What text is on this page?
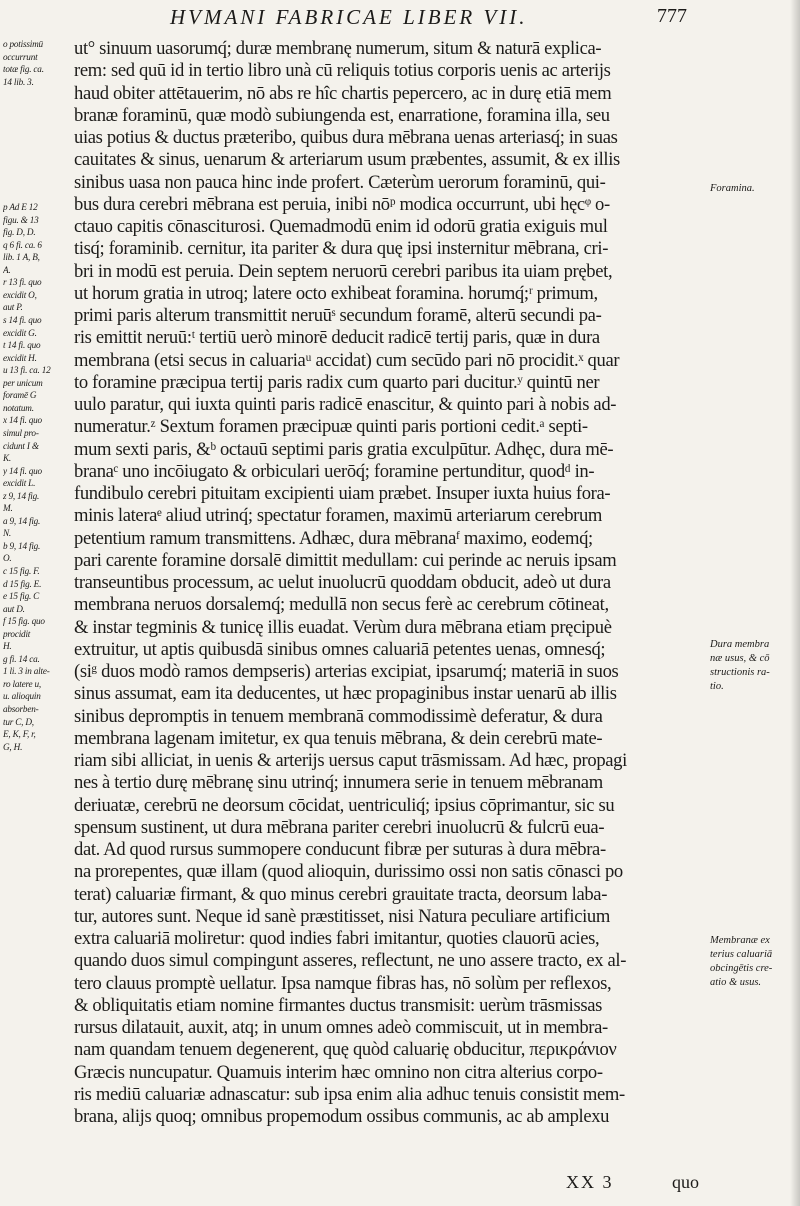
HVMANI FABRICAE LIBER VII.	777
o potissimū
occurrunt
totæ fig. ca.
14 lib. 3.
p Ad E 12
figu. & 13
fig. D, D.
q 6 fi. ca. 6
lib. 1 A, B,
A.
r 13 fi. quo
excidit O,
aut P.
s 14 fi. quo
excidit G.
t 14 fi. quo
excidit H.
u 13 fi. ca. 12
per unicum
foramē G
notatum.
x 14 fi. quo
simul pro-
cidunt I &
K.
y 14 fi. quo
excidit L.
z 9, 14 fig.
M.
a 9, 14 fig.
N.
b 9, 14 fig.
O.
c 15 fig. F.
d 15 fig. E.
e 15 fig. C
aut D.
f 15 fig. quo
procidit
H.
g fi. 14 ca.
1 li. 3 in alte-
ro latere u,
u. alioquin
absorben-
tur C, D,
E, K, F, r,
G, H.
ut° sinuum uasorumq́; duræ membranę numerum, situm & naturā explica-
rem: sed quū id in tertio libro unà cū reliquis totius corporis uenis ac arterijs
haud obiter attētauerim, nō abs re hîc chartis pepercero, ac in durę etiā mem
branæ foraminū, quæ modò subiungenda est, enarratione, foramina illa, seu
uias potius & ductus præteribo, quibus dura mēbrana uenas arteriasq́; in suas
cauitates & sinus, uenarum & arteriarum usum præbentes, assumit, & ex illis
sinibus uasa non pauca hinc inde profert. Cæterùm uerorum foraminū, qui-
bus dura cerebri mēbrana est peruia, inibi nōᵖ modica occurrunt, ubi hęcᵠ o-
ctauo capitis cōnasciturosi. Quemadmodū enim id odorū gratia exiguis mul
tisq́; foraminib. cernitur, ita pariter & dura quę ipsi insternitur mēbrana, cri-
bri in modū est peruia. Dein septem neruorū cerebri paribus ita uiam prębet,
ut horum gratia in utroq; latere octo exhibeat foramina. horumq́;ʳ primum,
primi paris alterum transmittit neruūˢ secundum foramē, alterū secundi pa-
ris emittit neruū:ᵗ tertiū uerò minorē deducit radicē tertij paris, quæ in dura
membrana (etsi secus in caluariaᵘ accidat) cum secūdo pari nō procidit.ˣ quar
to foramine præcipua tertij paris radix cum quarto pari ducitur.ʸ quintū ner
uulo paratur, qui iuxta quinti paris radicē enascitur, & quinto pari à nobis ad-
numeratur.ᶻ Sextum foramen præcipuæ quinti paris portioni cedit.ᵃ septi-
mum sexti paris, &ᵇ octauū septimi paris gratia exculpūtur. Adhęc, dura mē-
branaᶜ uno incōiugato & orbiculari uerōq́; foramine pertunditur, quodᵈ in-
fundibulo cerebri pituitam excipienti uiam præbet. Insuper iuxta huius fora-
minis lateraᵉ aliud utrinq́; spectatur foramen, maximū arteriarum cerebrum
petentium ramum transmittens. Adhæc, dura mēbranaᶠ maximo, eodemq́;
pari carente foramine dorsalē dimittit medullam: cui perinde ac neruis ipsam
transeuntibus processum, ac uelut inuolucrū quoddam obducit, adeò ut dura
membrana neruos dorsalemq́; medullā non secus ferè ac cerebrum cōtineat,
& instar tegminis & tunicę illis euadat. Verùm dura mēbrana etiam pręcipuè
extruitur, ut aptis quibusdā sinibus omnes caluariā petentes uenas, omnesq́;
(siᵍ duos modò ramos dempseris) arterias excipiat, ipsarumq́; materiā in suos
sinus assumat, eam ita deducentes, ut hæc propaginibus instar uenarū ab illis
sinibus depromptis in tenuem membranā commodissimè deferatur, & dura
membrana lagenam imitetur, ex qua tenuis mēbrana, & dein cerebrū mate-
riam sibi alliciat, in uenis & arterijs uersus caput trāsmissam. Ad hæc, propagi
nes à tertio durę mēbranę sinu utrinq́; innumera serie in tenuem mēbranam
deriuatæ, cerebrū ne deorsum cōcidat, uentriculiq́; ipsius cōprimantur, sic su
spensum sustinent, ut dura mēbrana pariter cerebri inuolucrū & fulcrū eua-
dat. Ad quod rursus summopere conducunt fibræ per suturas à dura mēbra-
na prorepentes, quæ illam (quod alioquin, durissimo ossi non satis cōnasci po
terat) caluariæ firmant, & quo minus cerebri grauitate tracta, deorsum laba-
tur, autores sunt. Neque id sanè præstitisset, nisi Natura peculiare artificium
extra caluariā moliretur: quod indies fabri imitantur, quoties clauorū acies,
quando duos simul compingunt asseres, reflectunt, ne uno assere tracto, ex al-
tero clauus promptè uellatur. Ipsa namque fibras has, nō solùm per reflexos,
& obliquitatis etiam nomine firmantes ductus transmisit: uerùm trāsmissas
rursus dilatauit, auxit, atq; in unum omnes adeò commiscuit, ut in membra-
nam quandam tenuem degenerent, quę quòd caluarię obducitur, περικράνιον
Græcis nuncupatur. Quamuis interim hæc omnino non citra alterius corpo-
ris mediū caluariæ adnascatur: sub ipsa enim alia adhuc tenuis consistit mem-
brana, alijs quoq; omnibus propemodum ossibus communis, ac ab amplexu
Foramina.
Dura membra
næ usus, & cō
structionis ra-
tio.
Membranæ ex
terius caluariā
obcingētis cre-
atio & usus.
XX 3	quo
